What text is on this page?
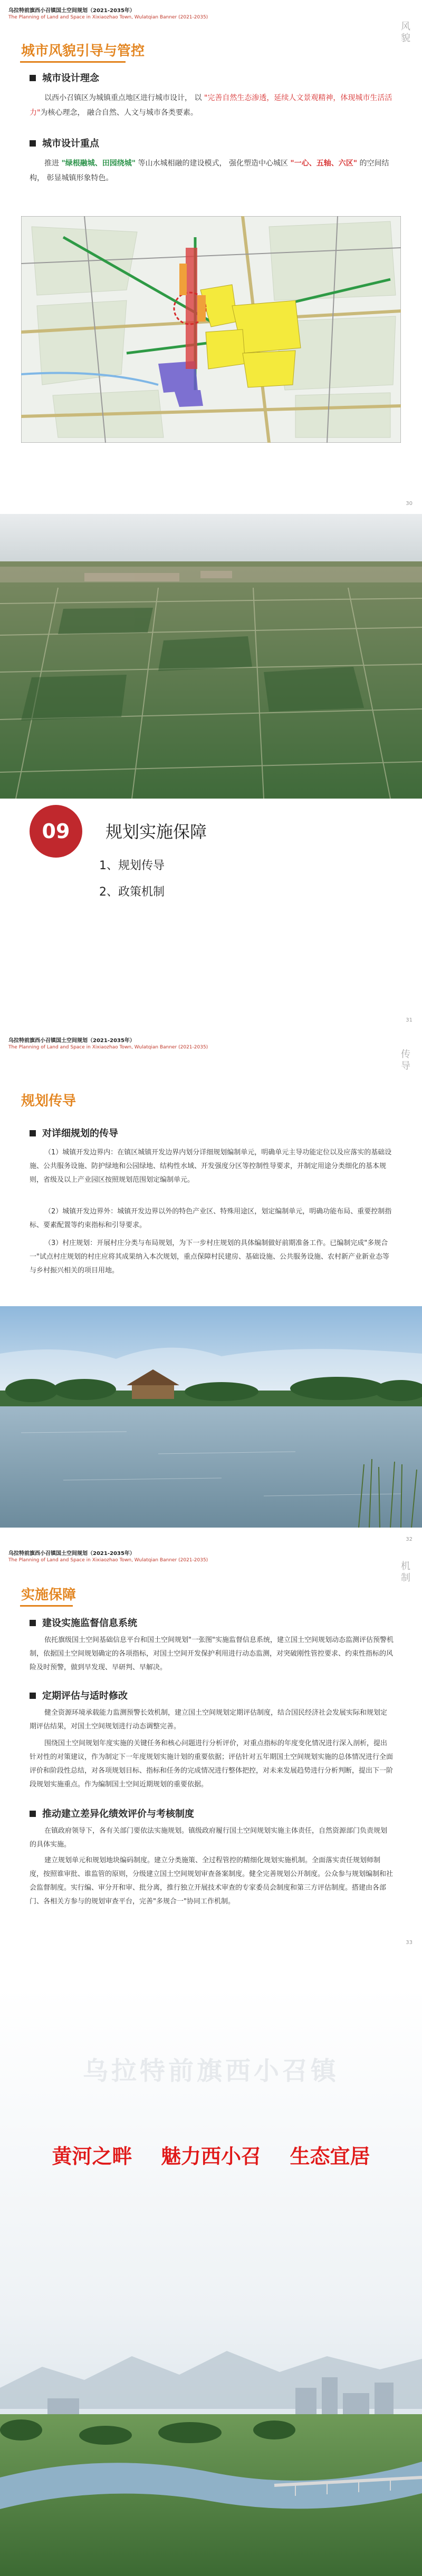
乌拉特前旗西小召镇国土空间规划（2021-2035年）
The Planning of Land and Space in Xixiaozhao Town, Wulatqian Banner (2021-2035)
风貌
城市风貌引导与管控
城市设计理念
以西小召镇区为城镇重点地区进行城市设计， 以 "完善自然生态渗透，延续人文景观精神，体现城市生活活力"为核心理念， 融合自然、人文与城市各类要素。
城市设计重点
推进 "绿根融城、田园绕城" 等山水城相融的建设模式， 强化塑造中心城区 "一心、五轴、六区" 的空间结构， 彰显城镇形象特色。
30
09	规划实施保障
1、规划传导
2、政策机制
31
乌拉特前旗西小召镇国土空间规划（2021-2035年）
The Planning of Land and Space in Xixiaozhao Town, Wulatqian Banner (2021-2035)
传导
规划传导
对详细规划的传导
（1）城镇开发边界内：在镇区城镇开发边界内划分详细规划编制单元，明确单元主导功能定位以及应落实的基础设施、公共服务设施、防护绿地和公园绿地、结构性水域、开发强度分区等控制性导要求，并制定用途分类细化的基本规则，省级及以上产业园区按照规划范围划定编制单元。
（2）城镇开发边界外：城镇开发边界以外的特色产业区、特殊用途区，划定编制单元，明确功能布局、重要控制指标、要素配置等约束指标和引导要求。
（3）村庄规划：开展村庄分类与布局规划，为下一步村庄规划的具体编制做好前期准备工作。已编制完成"多规合一"试点村庄规划的村庄应将其成果纳入本次规划，重点保障村民建房、基础设施、公共服务设施、农村新产业新业态等与乡村振兴相关的项目用地。
32
乌拉特前旗西小召镇国土空间规划（2021-2035年）
The Planning of Land and Space in Xixiaozhao Town, Wulatqian Banner (2021-2035)
机制
实施保障
建设实施监督信息系统
依托旗级国土空间基础信息平台和国土空间规划"一张图"实施监督信息系统，建立国土空间规划动态监测评估预警机制，依据国土空间规划确定的各项指标，对国土空间开发保护利用进行动态监测，对突破刚性管控要求、约束性指标的风险及时预警，做到早发现、早研判、早解决。
定期评估与适时修改
健全资源环境承载能力监测预警长效机制，建立国土空间规划定期评估制度，结合国民经济社会发展实际和规划定期评估结果，对国土空间规划进行动态调整完善。
围绕国土空间规划年度实施的关键任务和核心问题进行分析评价，对重点指标的年度变化情况进行深入剖析，提出针对性的对策建议，作为制定下一年度规划实施计划的重要依据；评估针对五年期国土空间规划实施的总体情况进行全面评价和阶段性总结，对各项规划目标、指标和任务的完成情况进行整体把控，对未来发展趋势进行分析判断，提出下一阶段规划实施重点。作为编制国土空间近期规划的重要依据。
推动建立差异化绩效评价与考核制度
在镇政府领导下，各有关部门要依法实施规划。镇级政府履行国土空间规划实施主体责任，自然资源部门负责规划的具体实施。
建立规划单元和规划地块编码制度。建立分类施策、全过程管控的精细化规划实施机制。全面落实责任规划师制度，按照谁审批、谁监管的原则，分级建立国土空间规划审查备案制度。健全完善规划公开制度。公众参与规划编制和社会监督制度。实行编、审分开和审、批分离，推行独立开展技术审查的专家委员会制度和第三方评估制度。搭建由各部门、各相关方参与的规划审查平台，完善"多规合一"协同工作机制。
33
乌拉特前旗西小召镇
黄河之畔 魅力西小召 生态宜居
